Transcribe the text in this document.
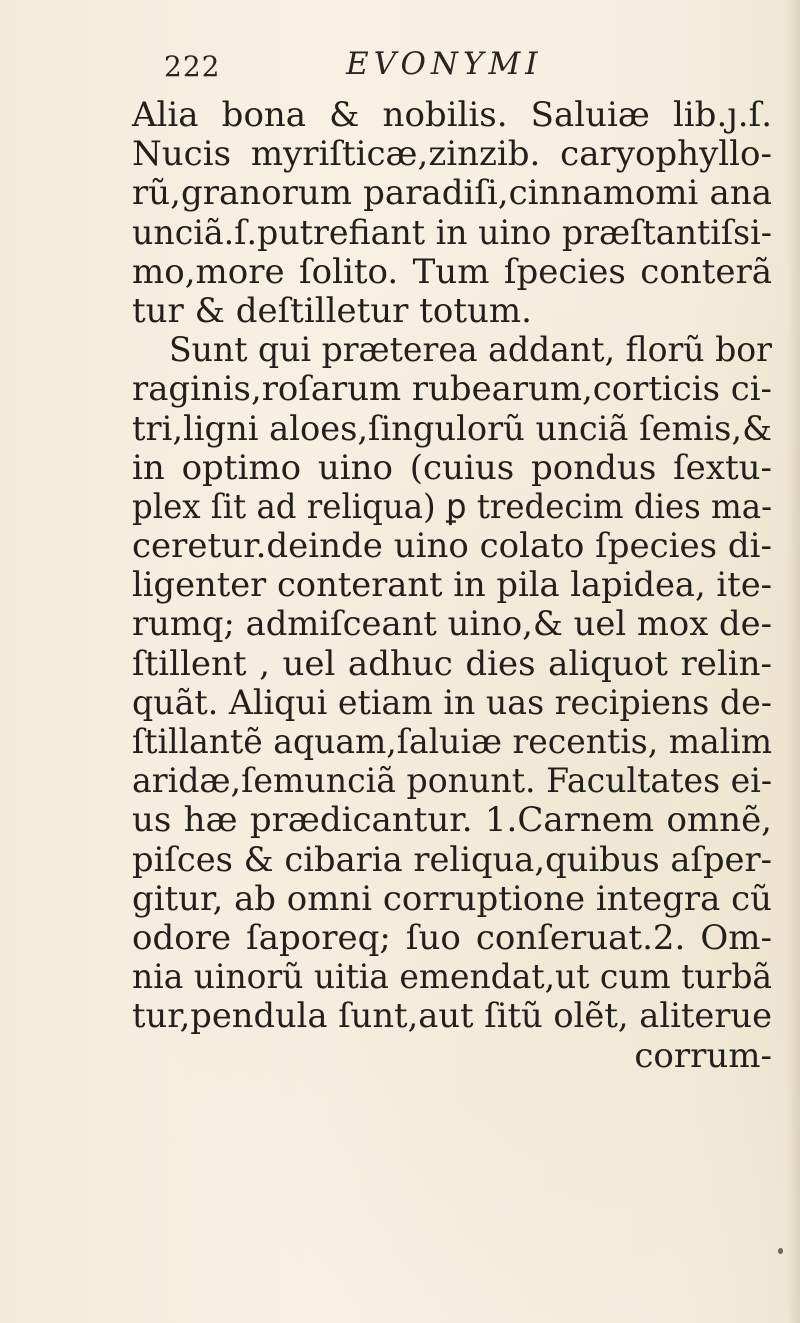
222	EVONYMI
Alia bona & nobilis. Saluiæ lib.ȷ.ſ.
Nucis myriſticæ,zinzib. caryophyllo-
rũ,granorum paradiſi,cinnamomi ana
unciã.ſ.putrefiant in uino præſtantiſsi-
mo,more ſolito. Tum ſpecies conterã
tur & deſtilletur totum.
Sunt qui præterea addant, florũ bor
raginis,roſarum rubearum,corticis ci-
tri,ligni aloes,ſingulorũ unciã ſemis,&
in optimo uino (cuius pondus ſextu-
plex ſit ad reliqua) ꝑ tredecim dies ma-
ceretur.deinde uino colato ſpecies di-
ligenter conterant in pila lapidea, ite-
rumq; admiſceant uino,& uel mox de-
ſtillent , uel adhuc dies aliquot relin-
quãt. Aliqui etiam in uas recipiens de-
ſtillantẽ aquam,ſaluiæ recentis, malim
aridæ,ſemunciã ponunt. Facultates ei-
us hæ prædicantur. 1.Carnem omnẽ,
piſces & cibaria reliqua,quibus aſper-
gitur, ab omni corruptione integra cũ
odore ſaporeq; ſuo conſeruat.2. Om-
nia uinorũ uitia emendat,ut cum turbã
tur,pendula ſunt,aut ſitũ olẽt, aliterue
corrum-
